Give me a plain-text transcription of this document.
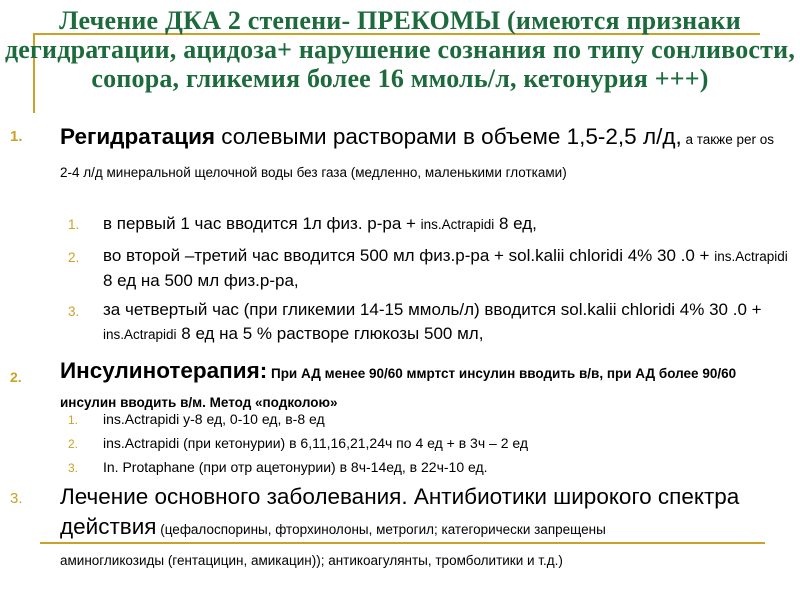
Лечение ДКА 2 степени- ПРЕКОМЫ (имеются признаки дегидратации, ацидоза+ нарушение сознания по типу сонливости, сопора, гликемия более 16 ммоль/л, кетонурия +++)
1. Регидратация солевыми растворами в объеме 1,5-2,5 л/д, а также per os 2-4 л/д минеральной щелочной воды без газа (медленно, маленькими глотками)
1. в первый 1 час вводится 1л физ. р-ра + ins.Actrapidi 8 ед,
2. во второй –третий час вводится 500 мл физ.р-ра + sol.kalii chloridi 4% 30 .0 + ins.Actrapidi 8 ед на 500 мл физ.р-ра,
3. за четвертый час (при гликемии 14-15 ммоль/л) вводится sol.kalii chloridi 4% 30 .0 + ins.Actrapidi 8 ед на 5 % растворе глюкозы 500 мл,
2. Инсулинотерапия: При АД менее 90/60 ммртст инсулин вводить в/в, при АД более 90/60 инсулин вводить в/м. Метод «подколою»
1. ins.Actrapidi у-8 ед, 0-10 ед, в-8 ед
2. ins.Actrapidi (при кетонурии) в 6,11,16,21,24ч по 4 ед + в 3ч – 2 ед
3. In. Protaphane (при отр ацетонурии) в 8ч-14ед, в 22ч-10 ед.
3. Лечение основного заболевания. Антибиотики широкого спектра действия (цефалоспорины, фторхинолоны, метрогил; категорически запрещены
аминогликозиды (гентацицин, амикацин)); антикоагулянты, тромболитики и т.д.)
